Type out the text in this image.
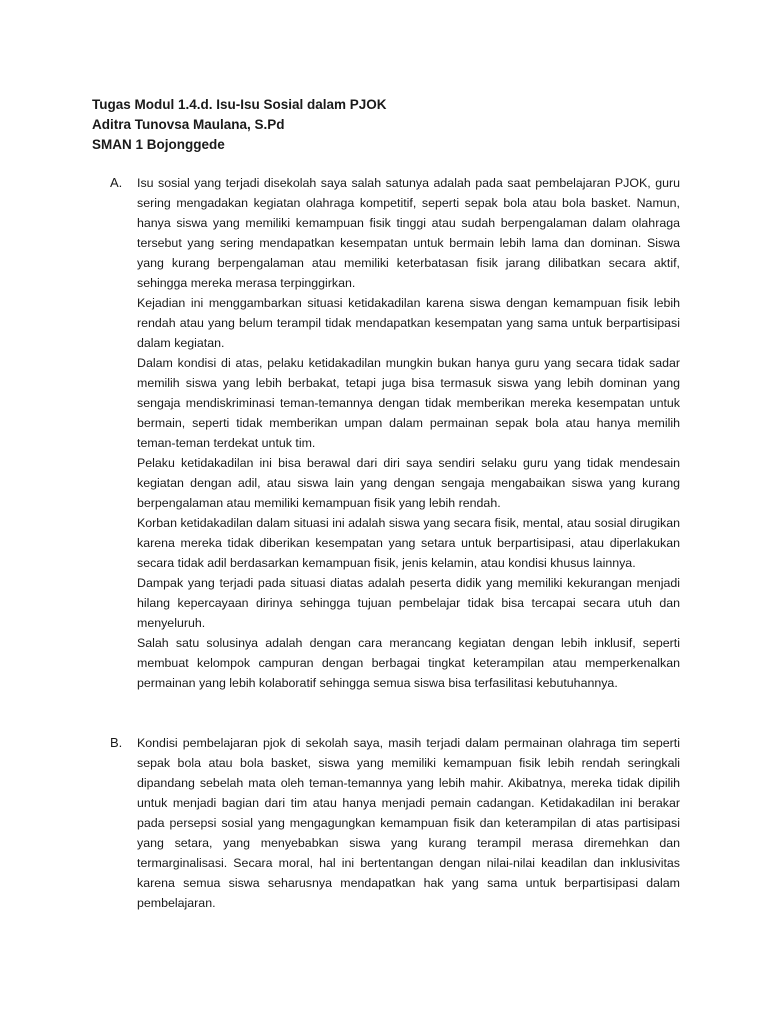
Tugas Modul 1.4.d. Isu-Isu Sosial dalam PJOK
Aditra Tunovsa Maulana, S.Pd
SMAN 1 Bojonggede
A. Isu sosial yang terjadi disekolah saya salah satunya adalah pada saat pembelajaran PJOK, guru sering mengadakan kegiatan olahraga kompetitif, seperti sepak bola atau bola basket. Namun, hanya siswa yang memiliki kemampuan fisik tinggi atau sudah berpengalaman dalam olahraga tersebut yang sering mendapatkan kesempatan untuk bermain lebih lama dan dominan. Siswa yang kurang berpengalaman atau memiliki keterbatasan fisik jarang dilibatkan secara aktif, sehingga mereka merasa terpinggirkan.

Kejadian ini menggambarkan situasi ketidakadilan karena siswa dengan kemampuan fisik lebih rendah atau yang belum terampil tidak mendapatkan kesempatan yang sama untuk berpartisipasi dalam kegiatan.

Dalam kondisi di atas, pelaku ketidakadilan mungkin bukan hanya guru yang secara tidak sadar memilih siswa yang lebih berbakat, tetapi juga bisa termasuk siswa yang lebih dominan yang sengaja mendiskriminasi teman-temannya dengan tidak memberikan mereka kesempatan untuk bermain, seperti tidak memberikan umpan dalam permainan sepak bola atau hanya memilih teman-teman terdekat untuk tim.

Pelaku ketidakadilan ini bisa berawal dari diri saya sendiri selaku guru yang tidak mendesain kegiatan dengan adil, atau siswa lain yang dengan sengaja mengabaikan siswa yang kurang berpengalaman atau memiliki kemampuan fisik yang lebih rendah.

Korban ketidakadilan dalam situasi ini adalah siswa yang secara fisik, mental, atau sosial dirugikan karena mereka tidak diberikan kesempatan yang setara untuk berpartisipasi, atau diperlakukan secara tidak adil berdasarkan kemampuan fisik, jenis kelamin, atau kondisi khusus lainnya.

Dampak yang terjadi pada situasi diatas adalah peserta didik yang memiliki kekurangan menjadi hilang kepercayaan dirinya sehingga tujuan pembelajar tidak bisa tercapai secara utuh dan menyeluruh.

Salah satu solusinya adalah dengan cara merancang kegiatan dengan lebih inklusif, seperti membuat kelompok campuran dengan berbagai tingkat keterampilan atau memperkenalkan permainan yang lebih kolaboratif sehingga semua siswa bisa terfasilitasi kebutuhannya.

B. Kondisi pembelajaran pjok di sekolah saya, masih terjadi dalam permainan olahraga tim seperti sepak bola atau bola basket, siswa yang memiliki kemampuan fisik lebih rendah seringkali dipandang sebelah mata oleh teman-temannya yang lebih mahir. Akibatnya, mereka tidak dipilih untuk menjadi bagian dari tim atau hanya menjadi pemain cadangan. Ketidakadilan ini berakar pada persepsi sosial yang mengagungkan kemampuan fisik dan keterampilan di atas partisipasi yang setara, yang menyebabkan siswa yang kurang terampil merasa diremehkan dan termarginalisasi. Secara moral, hal ini bertentangan dengan nilai-nilai keadilan dan inklusivitas karena semua siswa seharusnya mendapatkan hak yang sama untuk berpartisipasi dalam pembelajaran.
